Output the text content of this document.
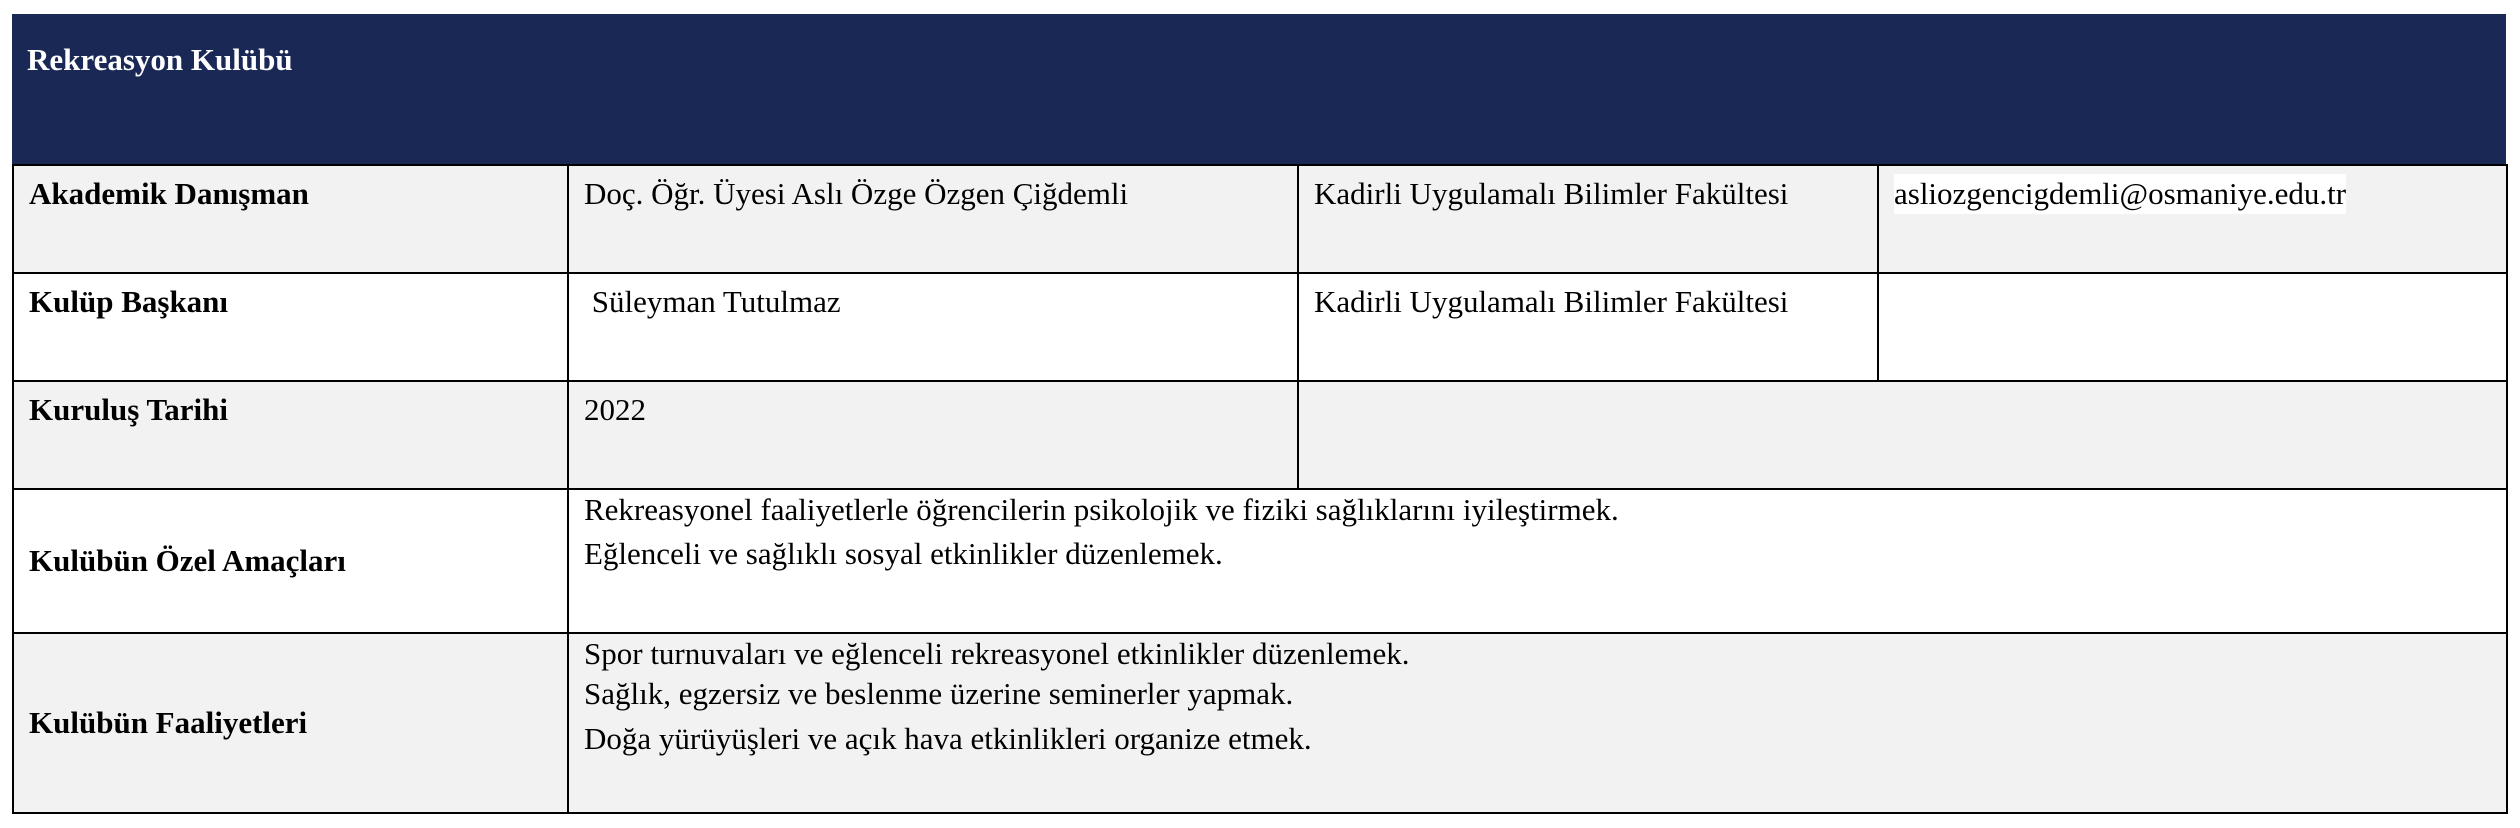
Rekreasyon Kulübü
Akademik Danışman	Doç. Öğr. Üyesi Aslı Özge Özgen Çiğdemli	Kadirli Uygulamalı Bilimler Fakültesi	asliozgencigdemli@osmaniye.edu.tr
Kulüp Başkanı	Süleyman Tutulmaz	Kadirli Uygulamalı Bilimler Fakültesi	
Kuruluş Tarihi	2022		
Kulübün Özel Amaçları	Rekreasyonel faaliyetlerle öğrencilerin psikolojik ve fiziki sağlıklarını iyileştirmek.
Eğlenceli ve sağlıklı sosyal etkinlikler düzenlemek.		

Kulübün Faaliyetleri	Spor turnuvaları ve eğlenceli rekreasyonel etkinlikler düzenlemek.
Sağlık, egzersiz ve beslenme üzerine seminerler yapmak.
Doğa yürüyüşleri ve açık hava etkinlikleri organize etmek.		
